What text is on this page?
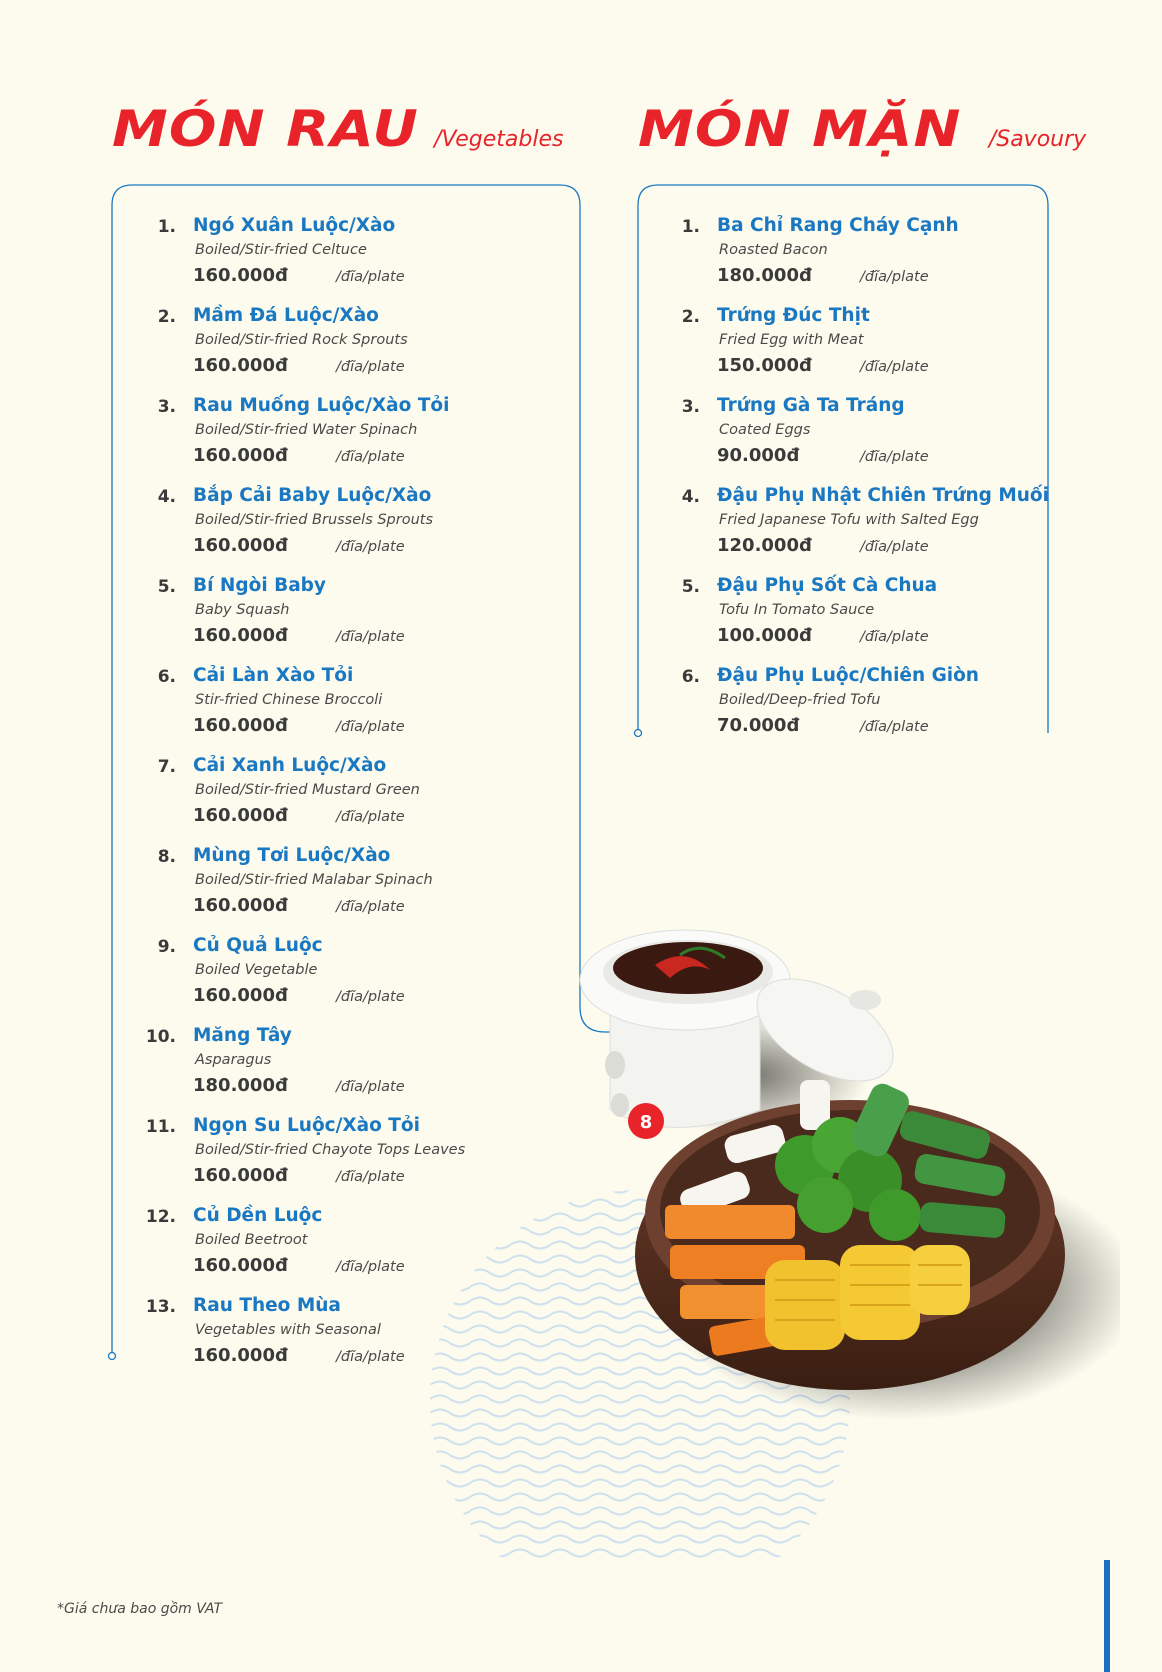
MÓN RAU /Vegetables MÓN MẶN /Savoury
1. Ngó Xuân Luộc/Xào
Boiled/Stir-fried Celtuce
160.000đ	/đĩa/plate
2. Mầm Đá Luộc/Xào
Boiled/Stir-fried Rock Sprouts
160.000đ	/đĩa/plate
3. Rau Muống Luộc/Xào Tỏi
Boiled/Stir-fried Water Spinach
160.000đ	/đĩa/plate
4. Bắp Cải Baby Luộc/Xào
Boiled/Stir-fried Brussels Sprouts
160.000đ	/đĩa/plate
5. Bí Ngòi Baby
Baby Squash
160.000đ	/đĩa/plate
6. Cải Làn Xào Tỏi
Stir-fried Chinese Broccoli
160.000đ	/đĩa/plate
7. Cải Xanh Luộc/Xào
Boiled/Stir-fried Mustard Green
160.000đ	/đĩa/plate
8. Mùng Tơi Luộc/Xào
Boiled/Stir-fried Malabar Spinach
160.000đ	/đĩa/plate
9. Củ Quả Luộc
Boiled Vegetable
160.000đ	/đĩa/plate
10. Măng Tây
Asparagus
180.000đ	/đĩa/plate
11. Ngọn Su Luộc/Xào Tỏi
Boiled/Stir-fried Chayote Tops Leaves
160.000đ	/đĩa/plate
12. Củ Dền Luộc
Boiled Beetroot
160.000đ	/đĩa/plate
13. Rau Theo Mùa
Vegetables with Seasonal
160.000đ	/đĩa/plate
1. Ba Chỉ Rang Cháy Cạnh
Roasted Bacon
180.000đ	/đĩa/plate
2. Trứng Đúc Thịt
Fried Egg with Meat
150.000đ	/đĩa/plate
3. Trứng Gà Ta Tráng
Coated Eggs
90.000đ	/đĩa/plate
4. Đậu Phụ Nhật Chiên Trứng Muối
Fried Japanese Tofu with Salted Egg
120.000đ	/đĩa/plate
5. Đậu Phụ Sốt Cà Chua
Tofu In Tomato Sauce
100.000đ	/đĩa/plate
6. Đậu Phụ Luộc/Chiên Giòn
Boiled/Deep-fried Tofu
70.000đ	/đĩa/plate
8
*Giá chưa bao gồm VAT
